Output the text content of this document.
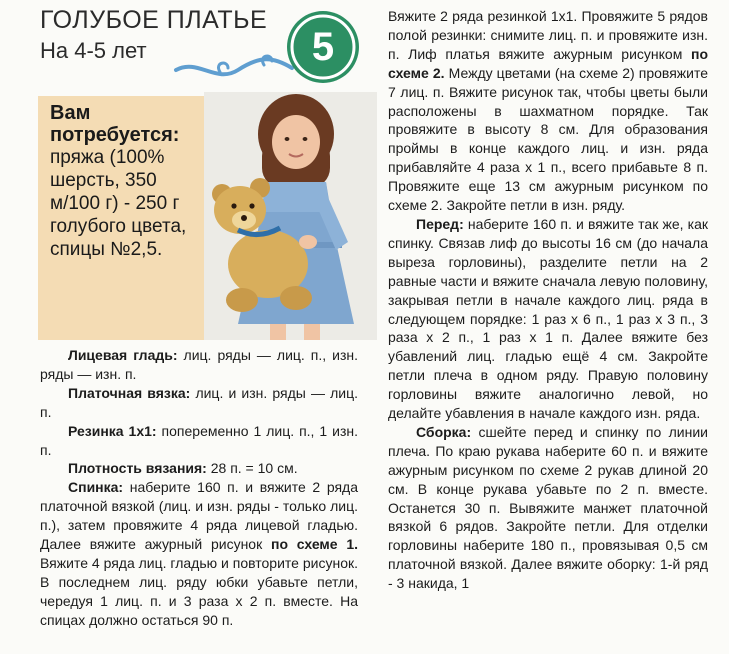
ГОЛУБОЕ ПЛАТЬЕ
На 4-5 лет	5
Вам потребуется:
пряжа (100% шерсть, 350 м/100 г) - 250 г голубого цвета, спицы №2,5.

Лицевая гладь: лиц. ряды — лиц. п., изн. ряды — изн. п.

Платочная вязка: лиц. и изн. ряды — лиц. п.

Резинка 1x1: попеременно 1 лиц. п., 1 изн. п.

Плотность вязания: 28 п. = 10 см.

Спинка: наберите 160 п. и вяжите 2 ряда платочной вязкой (лиц. и изн. ряды - только лиц. п.), затем провяжите 4 ряда лицевой гладью. Далее вяжите ажурный рисунок по схеме 1. Вяжите 4 ряда лиц. гладью и повторите рисунок. В последнем лиц. ряду юбки убавьте петли, чередуя 1 лиц. п. и 3 раза x 2 п. вместе. На спицах должно остаться 90 п.

Вяжите 2 ряда резинкой 1x1. Провяжите 5 рядов полой резинки: снимите лиц. п. и провяжите изн. п. Лиф платья вяжите ажурным рисунком по схеме 2. Между цветами (на схеме 2) провяжите 7 лиц. п. Вяжите рисунок так, чтобы цветы были расположены в шахматном порядке. Так провяжите в высоту 8 см. Для образования проймы в конце каждого лиц. и изн. ряда прибавляйте 4 раза x 1 п., всего прибавьте 8 п. Провяжите еще 13 см ажурным рисунком по схеме 2. Закройте петли в изн. ряду.

Перед: наберите 160 п. и вяжите так же, как спинку. Связав лиф до высоты 16 см (до начала выреза горловины), разделите петли на 2 равные части и вяжите сначала левую половину, закрывая петли в начале каждого лиц. ряда в следующем порядке: 1 раз x 6 п., 1 раз x 3 п., 3 раза x 2 п., 1 раз x 1 п. Далее вяжите без убавлений лиц. гладью ещё 4 см. Закройте петли плеча в одном ряду. Правую половину горловины вяжите аналогично левой, но делайте убавления в начале каждого изн. ряда.

Сборка: сшейте перед и спинку по линии плеча. По краю рукава наберите 60 п. и вяжите ажурным рисунком по схеме 2 рукав длиной 20 см. В конце рукава убавьте по 2 п. вместе. Останется 30 п. Вывяжите манжет платочной вязкой 6 рядов. Закройте петли. Для отделки горловины наберите 180 п., провязывая 0,5 см платочной вязкой. Далее вяжите оборку: 1-й ряд - 3 накида, 1
